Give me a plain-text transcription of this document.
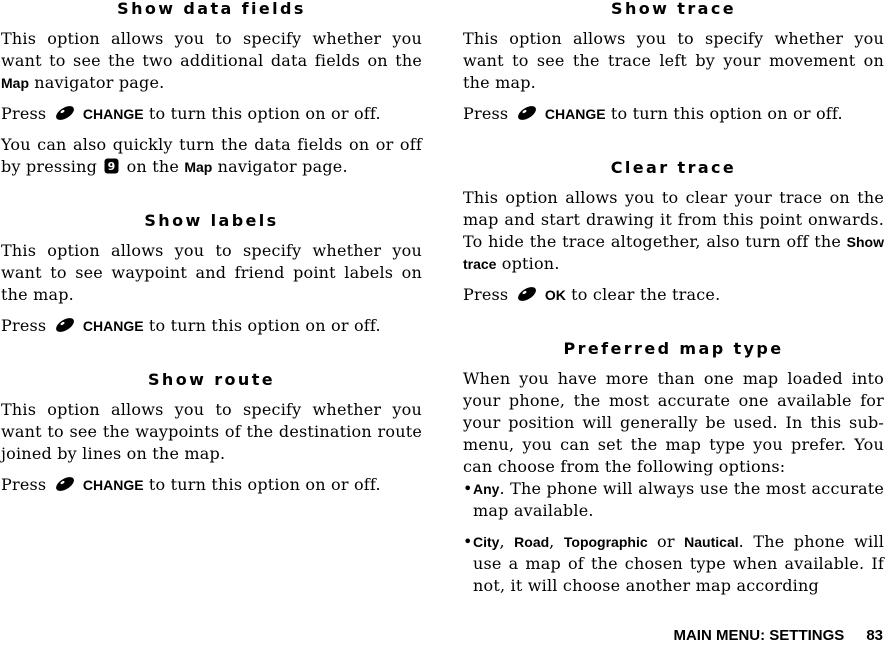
Show data fields

This option allows you to specify whether you want to see the two additional data fields on the Map navigator page.

Press  CHANGE to turn this option on or off.

You can also quickly turn the data fields on or off by pressing 9 on the Map navigator page.

Show labels

This option allows you to specify whether you want to see waypoint and friend point labels on the map.

Press  CHANGE to turn this option on or off.

Show route

This option allows you to specify whether you want to see the waypoints of the destination route joined by lines on the map.

Press  CHANGE to turn this option on or off.

Show trace

This option allows you to specify whether you want to see the trace left by your movement on the map.

Press  CHANGE to turn this option on or off.

Clear trace

This option allows you to clear your trace on the map and start drawing it from this point onwards. To hide the trace altogether, also turn off the Show trace option.

Press  OK to clear the trace.

Preferred map type

When you have more than one map loaded into your phone, the most accurate one available for your position will generally be used. In this sub-menu, you can set the map type you prefer. You can choose from the following options:

• Any. The phone will always use the most accurate map available.
• City, Road, Topographic or Nautical. The phone will use a map of the chosen type when available. If not, it will choose another map according
MAIN MENU: SETTINGS 83
